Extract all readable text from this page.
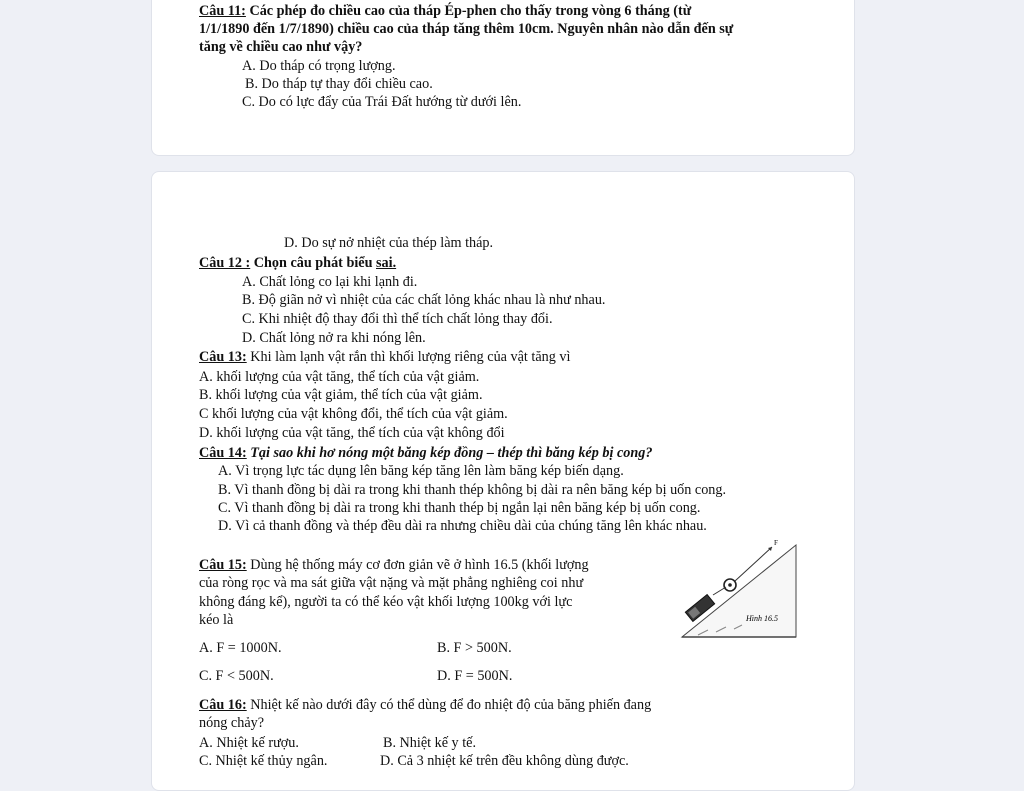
Câu 11: Các phép đo chiều cao của tháp Ép-phen cho thấy trong vòng 6 tháng (từ
1/1/1890 đến 1/7/1890) chiều cao của tháp tăng thêm 10cm. Nguyên nhân nào dẫn đến sự
tăng về chiều cao như vậy?
A. Do tháp có trọng lượng.
B. Do tháp tự thay đổi chiều cao.
C. Do có lực đẩy của Trái Đất hướng từ dưới lên.
D. Do sự nở nhiệt của thép làm tháp.
Câu 12 : Chọn câu phát biểu sai.
A. Chất lỏng co lại khi lạnh đi.
B. Độ giãn nở vì nhiệt của các chất lỏng khác nhau là như nhau.
C. Khi nhiệt độ thay đổi thì thể tích chất lỏng thay đổi.
D. Chất lỏng nở ra khi nóng lên.
Câu 13: Khi làm lạnh vật rắn thì khối lượng riêng của vật tăng vì
A. khối lượng của vật tăng, thể tích của vật giảm.
B. khối lượng của vật giảm, thể tích của vật giảm.
C khối lượng của vật không đổi, thể tích của vật giảm.
D. khối lượng của vật tăng, thể tích của vật không đổi
Câu 14: Tại sao khi hơ nóng một băng kép đồng – thép thì băng kép bị cong?
A. Vì trọng lực tác dụng lên băng kép tăng lên làm băng kép biến dạng.
B. Vì thanh đồng bị dài ra trong khi thanh thép không bị dài ra nên băng kép bị uốn cong.
C. Vì thanh đồng bị dài ra trong khi thanh thép bị ngắn lại nên băng kép bị uốn cong.
D. Vì cả thanh đồng và thép đều dài ra nhưng chiều dài của chúng tăng lên khác nhau.
Câu 15: Dùng hệ thống máy cơ đơn giản vẽ ở hình 16.5 (khối lượng
của ròng rọc và ma sát giữa vật nặng và mặt phẳng nghiêng coi như
không đáng kể), người ta có thể kéo vật khối lượng 100kg với lực
kéo là
A. F = 1000N.	B. F > 500N.
C. F < 500N.	D. F = 500N.
F
Hình 16.5
Câu 16: Nhiệt kế nào dưới đây có thể dùng để đo nhiệt độ của băng phiến đang
nóng chảy?
A. Nhiệt kế rượu.	B. Nhiệt kế y tế.
C. Nhiệt kế thủy ngân.	D. Cả 3 nhiệt kế trên đều không dùng được.
